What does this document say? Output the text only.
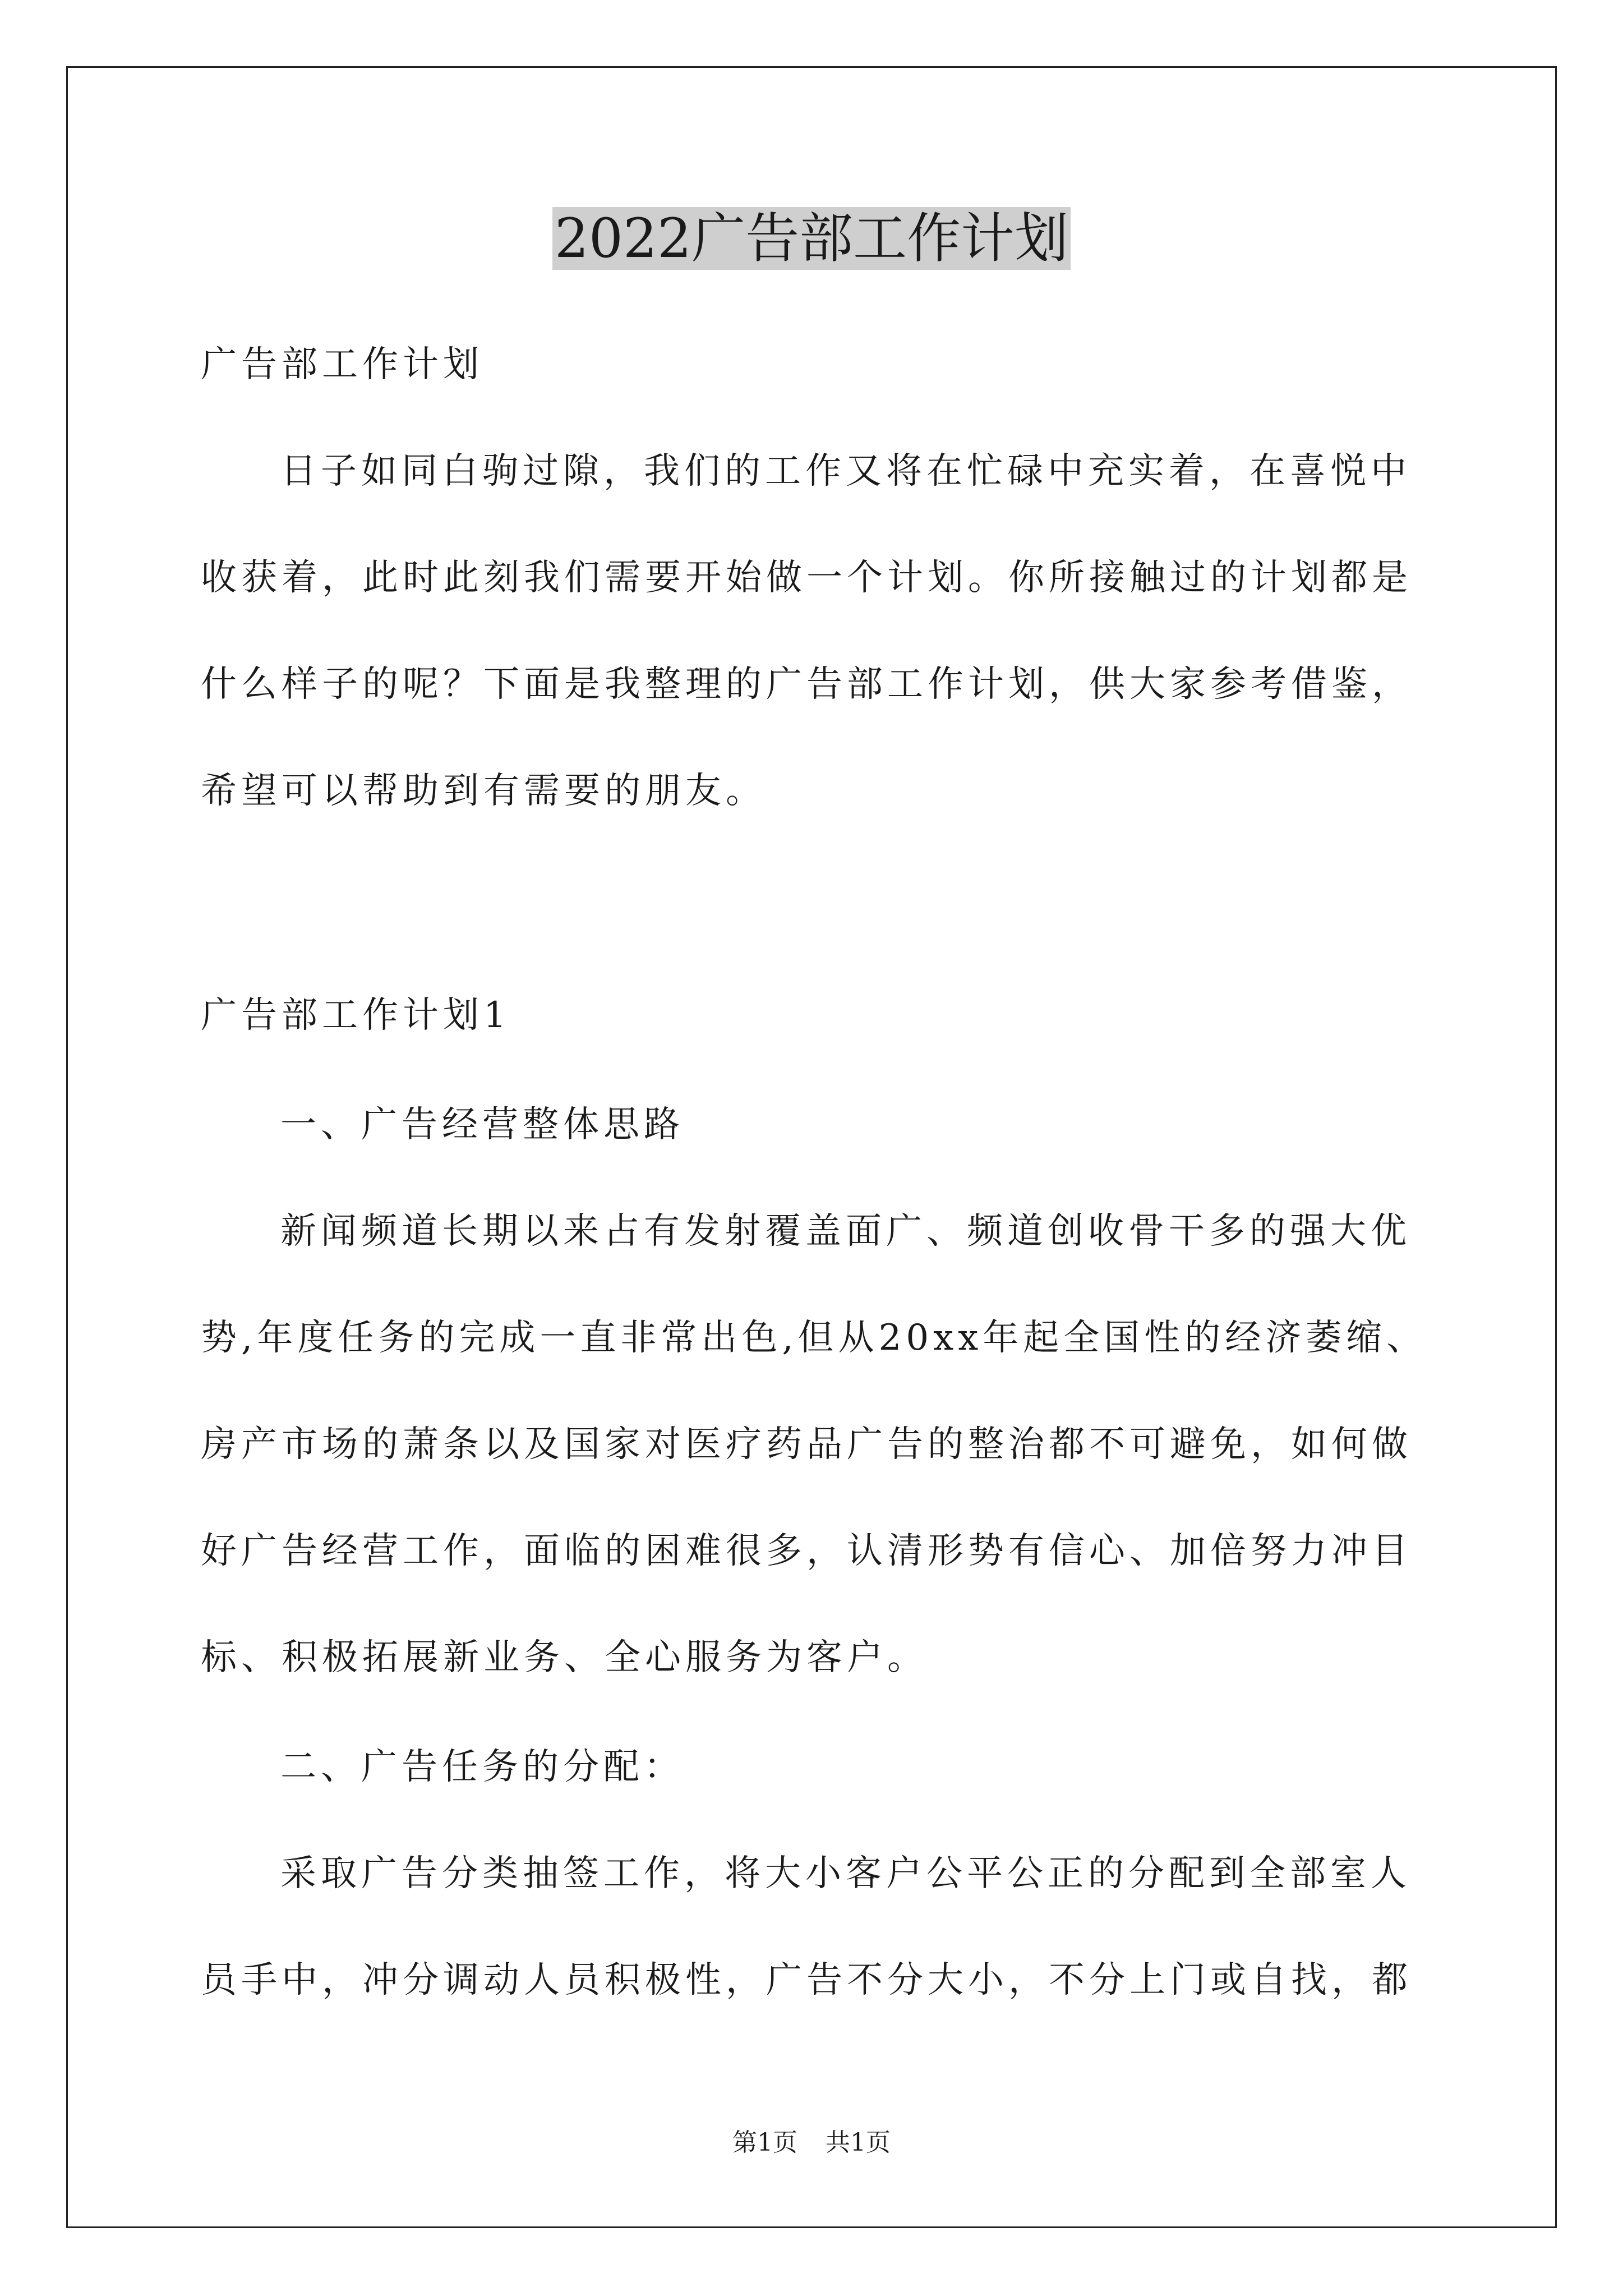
2022广告部工作计划
广告部工作计划
日子如同白驹过隙，我们的工作又将在忙碌中充实着，在喜悦中
收获着，此时此刻我们需要开始做一个计划。你所接触过的计划都是
什么样子的呢？下面是我整理的广告部工作计划，供大家参考借鉴，
希望可以帮助到有需要的朋友。
广告部工作计划1
一、广告经营整体思路
新闻频道长期以来占有发射覆盖面广、频道创收骨干多的强大优
势,年度任务的完成一直非常出色,但从20xx年起全国性的经济萎缩、
房产市场的萧条以及国家对医疗药品广告的整治都不可避免，如何做
好广告经营工作，面临的困难很多，认清形势有信心、加倍努力冲目
标、积极拓展新业务、全心服务为客户。
二、广告任务的分配：
采取广告分类抽签工作，将大小客户公平公正的分配到全部室人
员手中，冲分调动人员积极性，广告不分大小，不分上门或自找，都
第1页 共1页
